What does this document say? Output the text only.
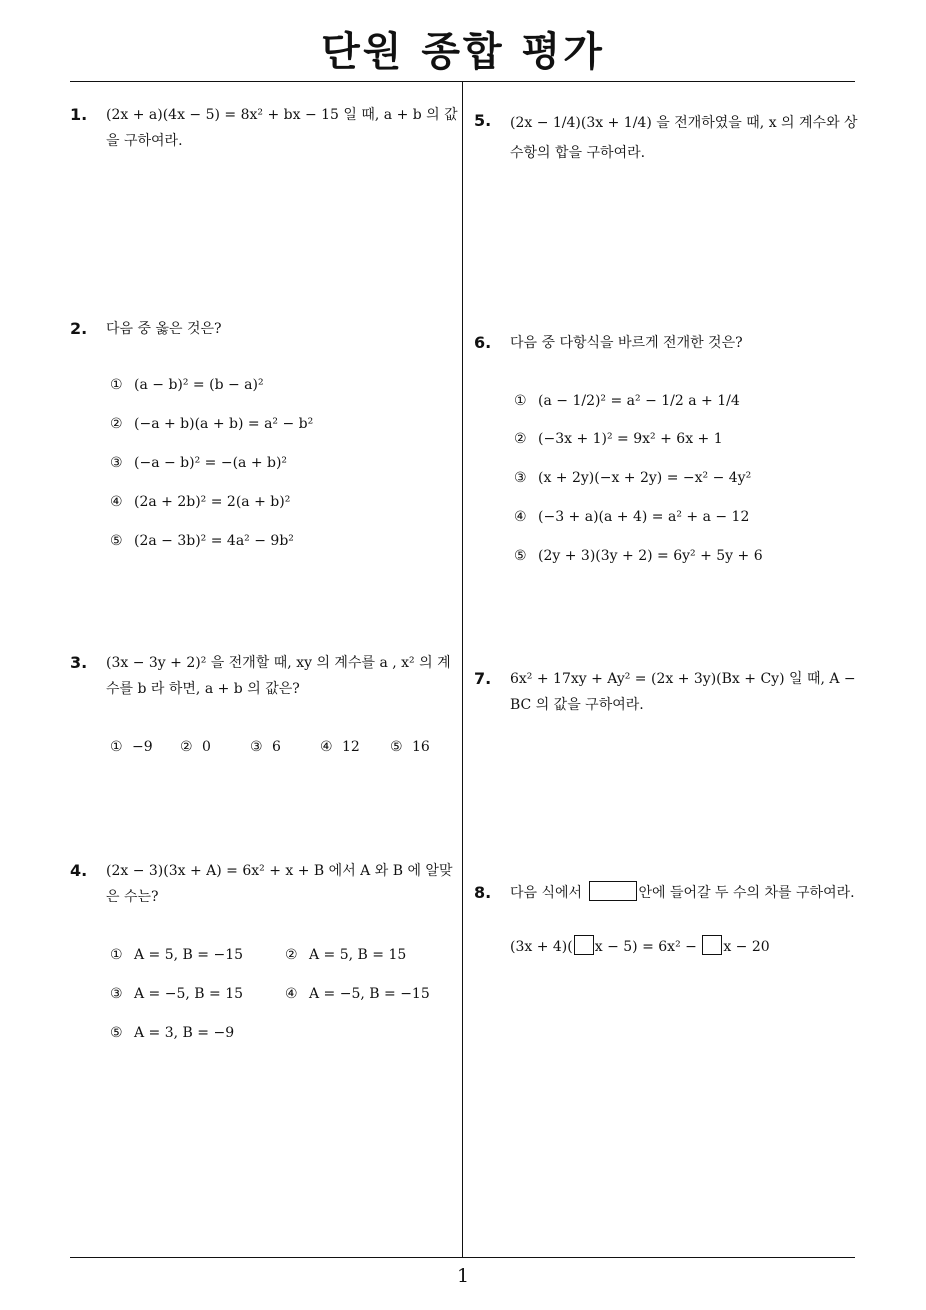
단원 종합 평가
1
1. (2x + a)(4x − 5) = 8x² + bx − 15 일 때, a + b 의 값을 구하여라.
2. 다음 중 옳은 것은?
① (a − b)² = (b − a)²
② (−a + b)(a + b) = a² − b²
③ (−a − b)² = −(a + b)²
④ (2a + 2b)² = 2(a + b)²
⑤ (2a − 3b)² = 4a² − 9b²
3. (3x − 3y + 2)² 을 전개할 때, xy 의 계수를 a , x² 의 계수를 b 라 하면, a + b 의 값은?
① −9 ② 0	③ 6	④ 12 ⑤ 16
4. (2x − 3)(3x + A) = 6x² + x + B 에서 A 와 B 에 알맞은 수는?
① A = 5, B = −15	② A = 5, B = 15
③ A = −5, B = 15	④ A = −5, B = −15
⑤ A = 3, B = −9
5. (2x − 1/4)(3x + 1/4) 을 전개하였을 때, x 의 계수와 상수항의 합을 구하여라.
6. 다음 중 다항식을 바르게 전개한 것은?
① (a − 1/2)² = a² − 1/2 a + 1/4
② (−3x + 1)² = 9x² + 6x + 1
③ (x + 2y)(−x + 2y) = −x² − 4y²
④ (−3 + a)(a + 4) = a² + a − 12
⑤ (2y + 3)(3y + 2) = 6y² + 5y + 6
7. 6x² + 17xy + Ay² = (2x + 3y)(Bx + Cy) 일 때, A − BC 의 값을 구하여라.
8. 다음 식에서	안에 들어갈 두 수의 차를 구하여라.
(3x + 4)( x − 5) = 6x² − x − 20
